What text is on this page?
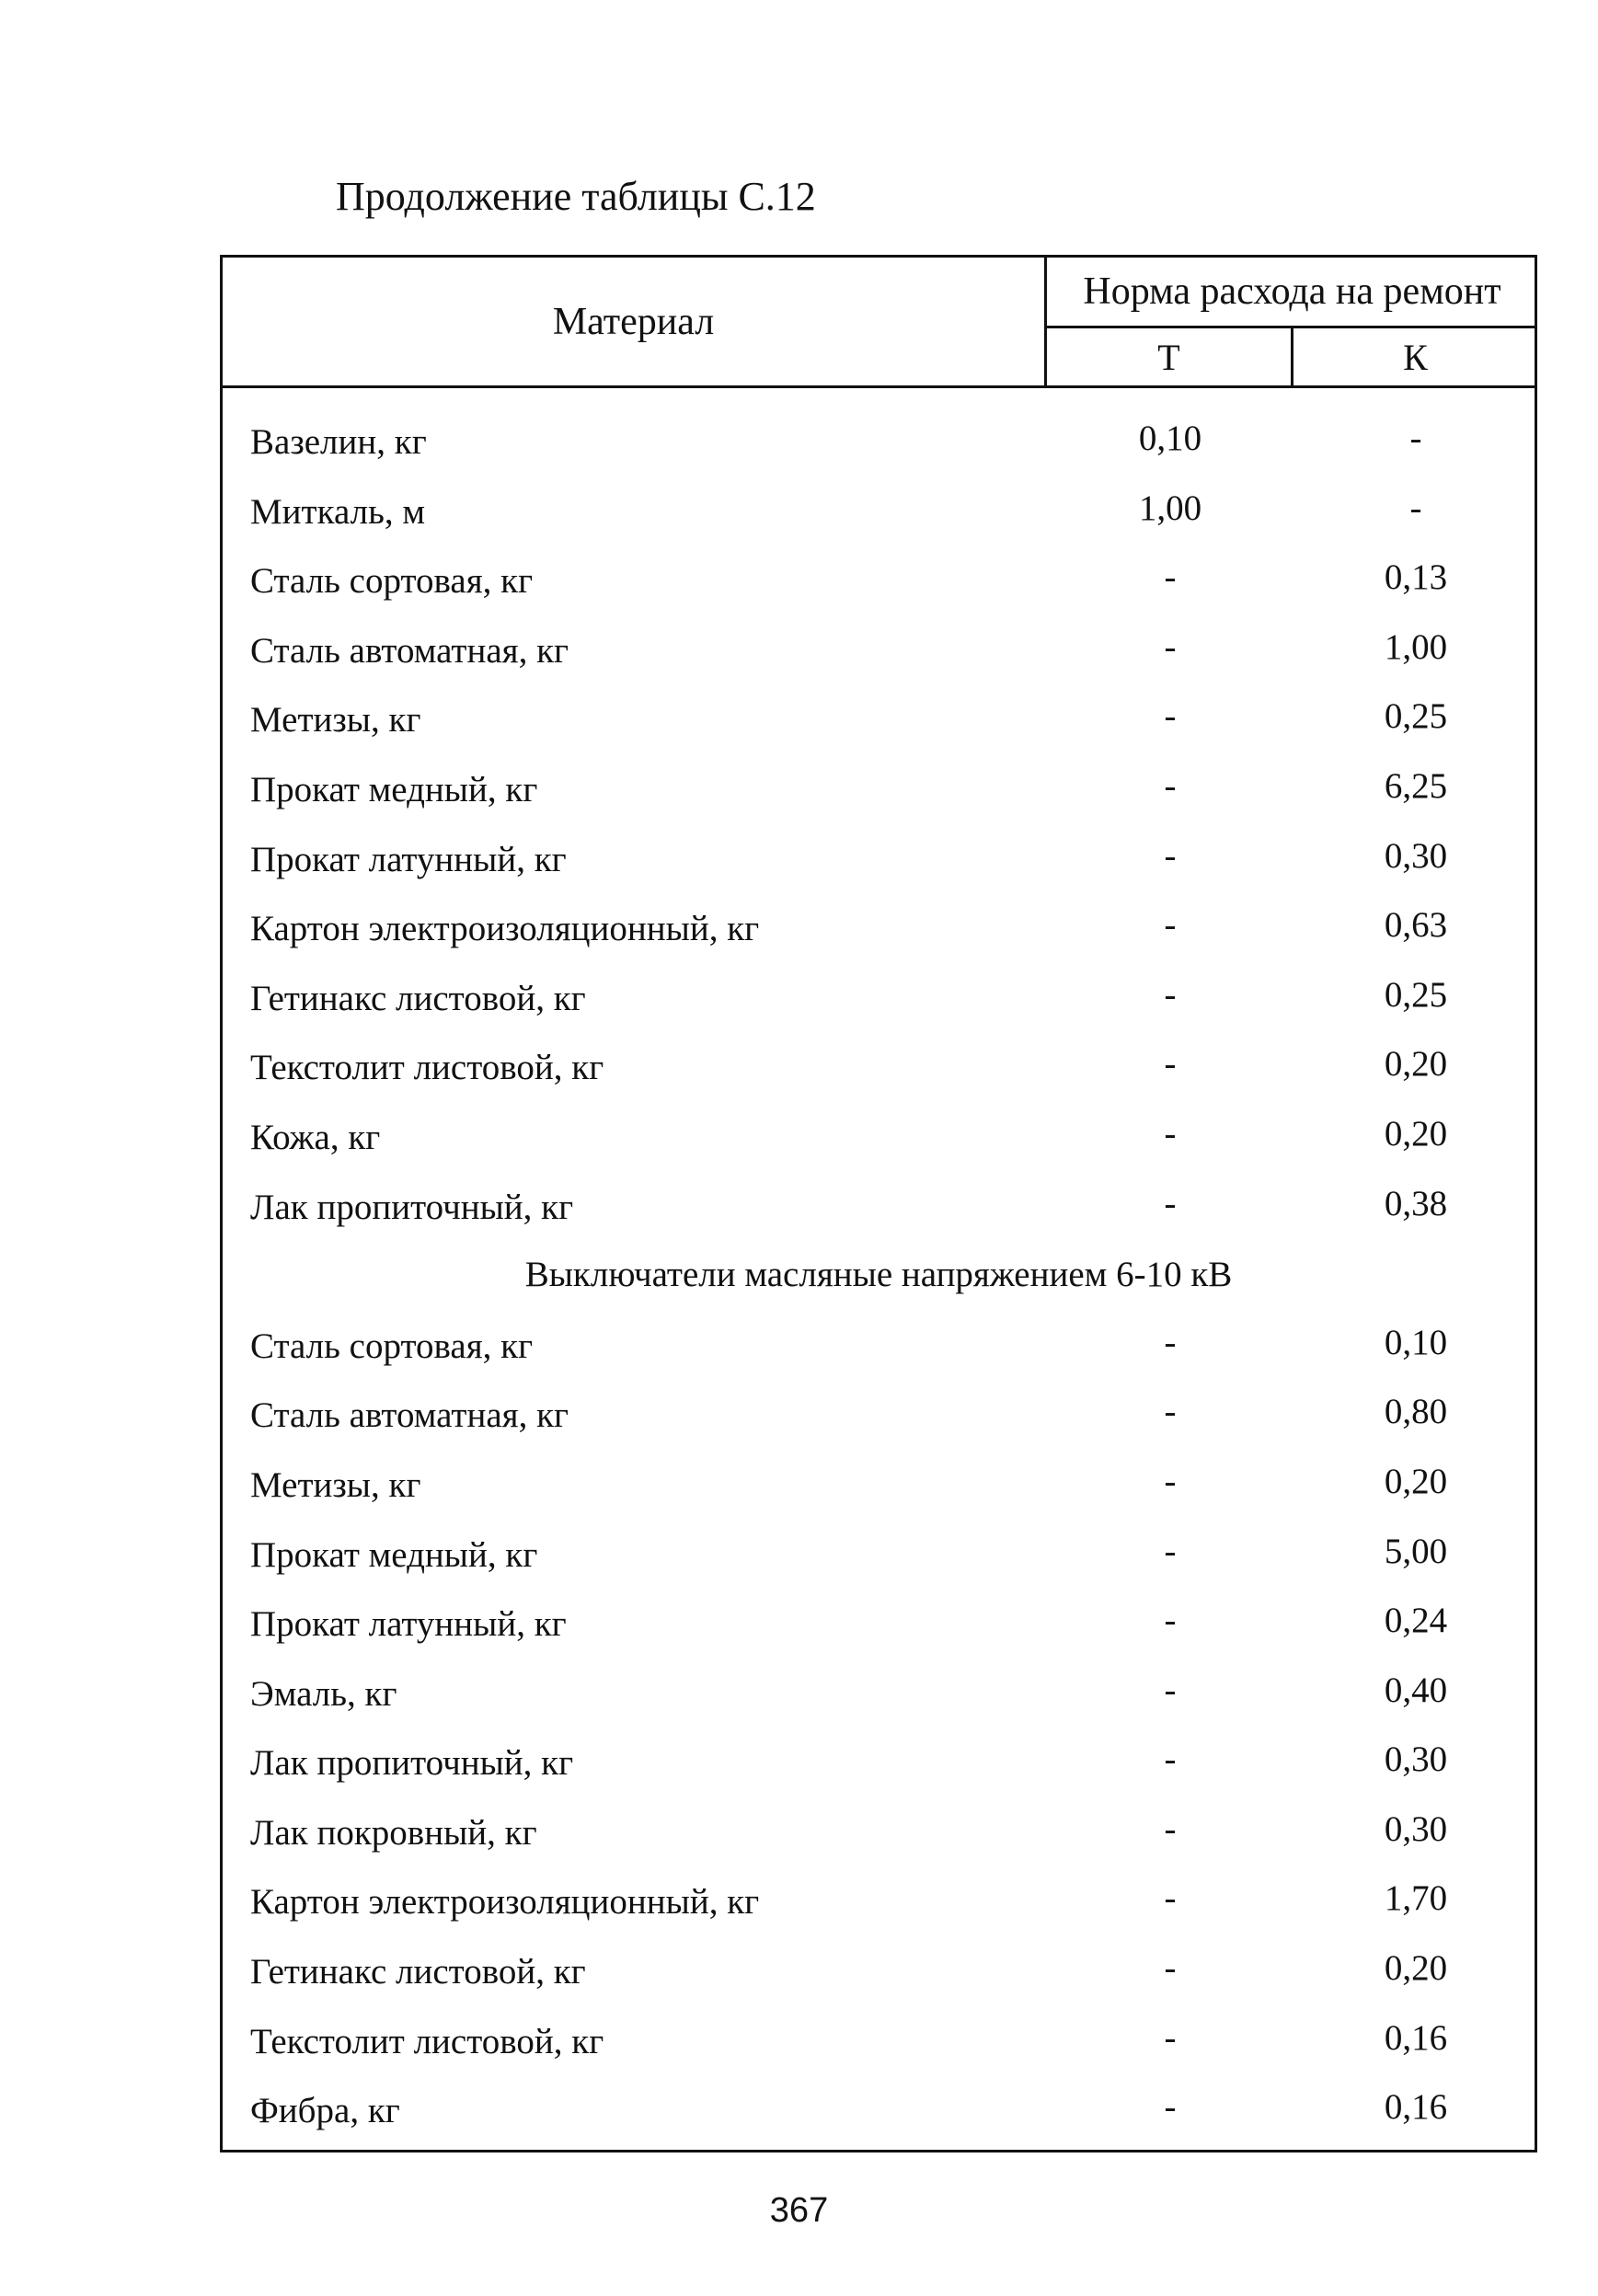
Продолжение таблицы С.12
Материал
Норма расхода на ремонт
Т	К
Вазелин, кг	0,10	-
Миткаль, м	1,00	-
Сталь сортовая, кг	-	0,13
Сталь автоматная, кг	-	1,00
Метизы, кг	-	0,25
Прокат медный, кг	-	6,25
Прокат латунный, кг	-	0,30
Картон электроизоляционный, кг	-	0,63
Гетинакс листовой, кг	-	0,25
Текстолит листовой, кг	-	0,20
Кожа, кг	-	0,20
Лак пропиточный, кг	-	0,38
Выключатели масляные напряжением 6-10 кВ
Сталь сортовая, кг	-	0,10
Сталь автоматная, кг	-	0,80
Метизы, кг	-	0,20
Прокат медный, кг	-	5,00
Прокат латунный, кг	-	0,24
Эмаль, кг	-	0,40
Лак пропиточный, кг	-	0,30
Лак покровный, кг	-	0,30
Картон электроизоляционный, кг	-	1,70
Гетинакс листовой, кг	-	0,20
Текстолит листовой, кг	-	0,16
Фибра, кг	-	0,16
367
